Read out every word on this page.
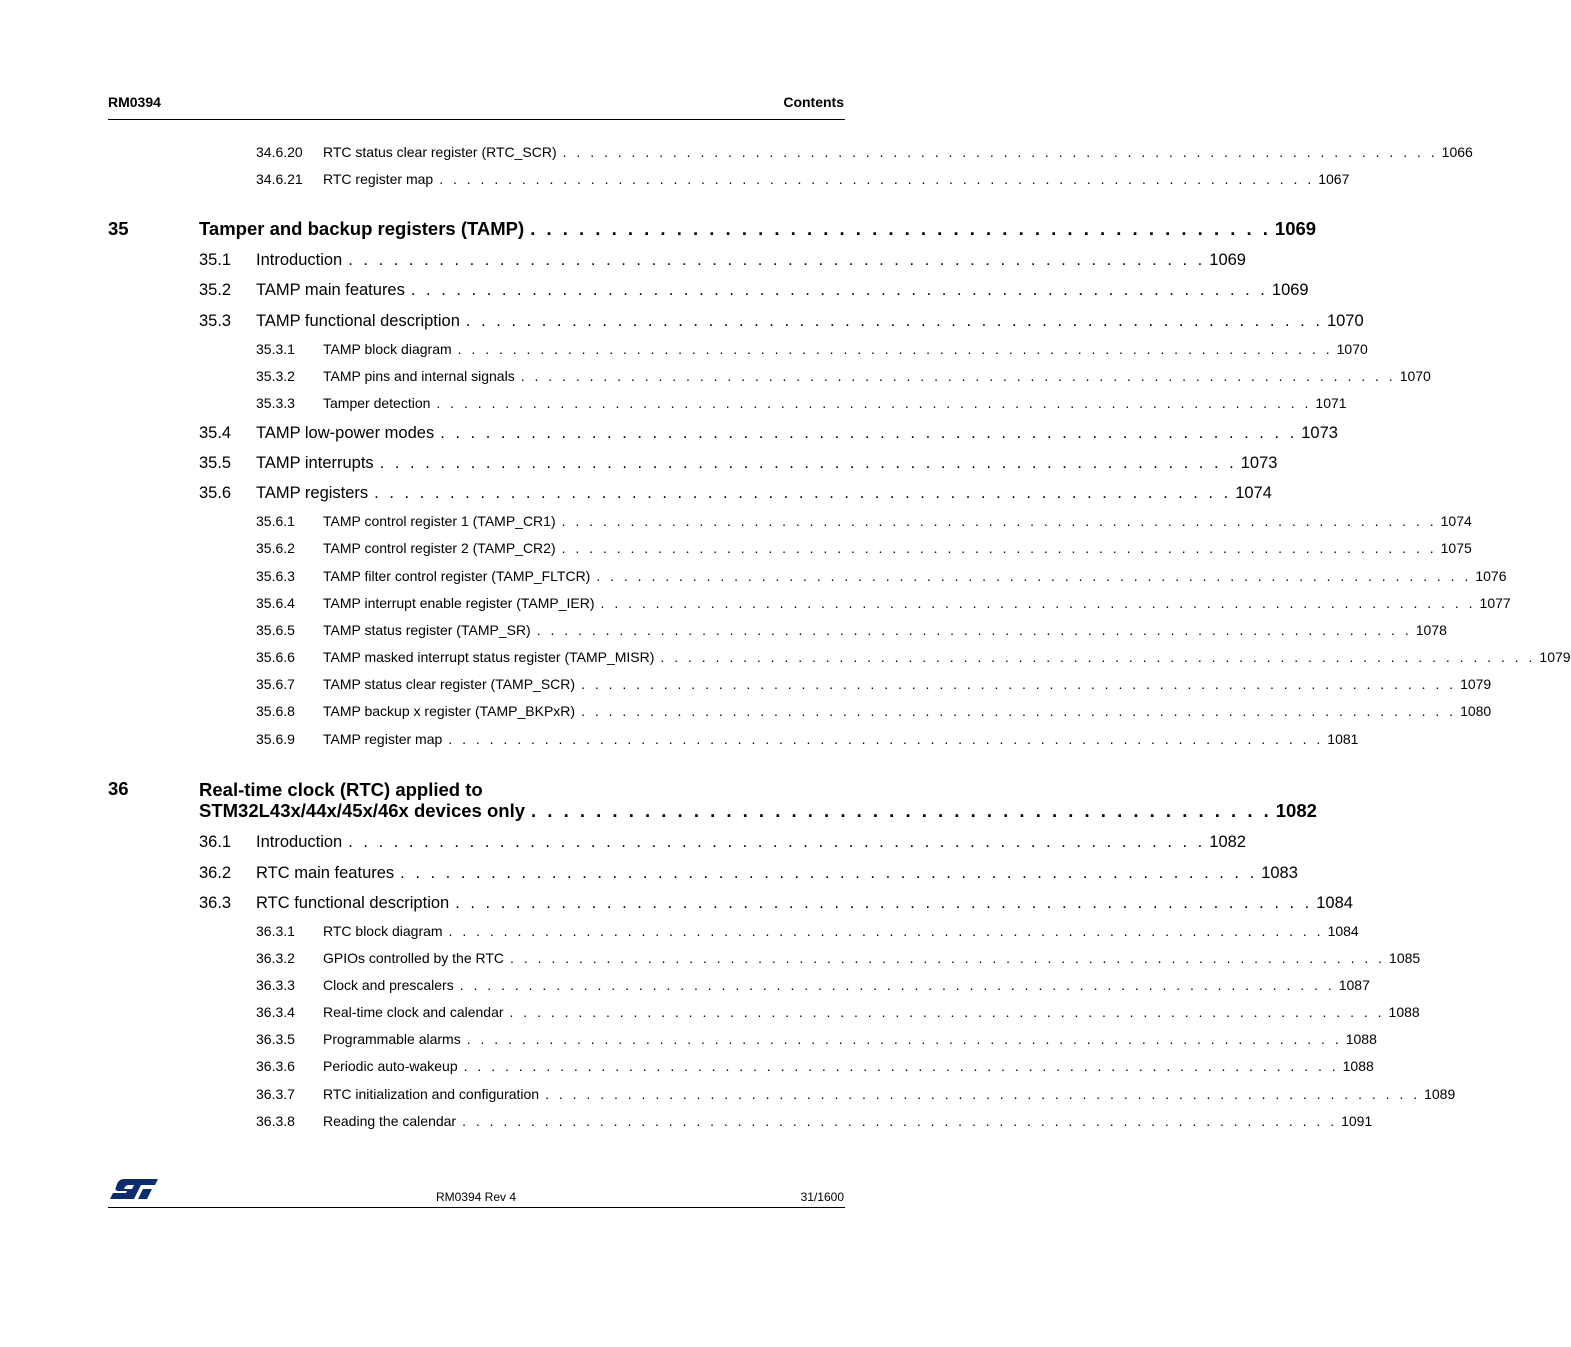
RM0394	Contents
34.6.20 RTC status clear register (RTC_SCR) . . . . . . . . . . . . . . . . . . . . . . . . . . . . . . . . . . . . . . . . . . . . . . . . . . . . . . . . . . . . . . . . 1066
34.6.21 RTC register map . . . . . . . . . . . . . . . . . . . . . . . . . . . . . . . . . . . . . . . . . . . . . . . . . . . . . . . . . . . . . . . . 1067
35	Tamper and backup registers (TAMP) . . . . . . . . . . . . . . . . . . . . . . . . . . . . . . . . . . . . . . . . . . . . . . 1069
35.1 Introduction . . . . . . . . . . . . . . . . . . . . . . . . . . . . . . . . . . . . . . . . . . . . . . . . . . . . . . . . . 1069
35.2 TAMP main features . . . . . . . . . . . . . . . . . . . . . . . . . . . . . . . . . . . . . . . . . . . . . . . . . . . . . . . . . 1069
35.3 TAMP functional description . . . . . . . . . . . . . . . . . . . . . . . . . . . . . . . . . . . . . . . . . . . . . . . . . . . . . . . . . 1070
35.3.1 TAMP block diagram . . . . . . . . . . . . . . . . . . . . . . . . . . . . . . . . . . . . . . . . . . . . . . . . . . . . . . . . . . . . . . . . 1070
35.3.2 TAMP pins and internal signals . . . . . . . . . . . . . . . . . . . . . . . . . . . . . . . . . . . . . . . . . . . . . . . . . . . . . . . . . . . . . . . . 1070
35.3.3 Tamper detection . . . . . . . . . . . . . . . . . . . . . . . . . . . . . . . . . . . . . . . . . . . . . . . . . . . . . . . . . . . . . . . . 1071
35.4 TAMP low-power modes . . . . . . . . . . . . . . . . . . . . . . . . . . . . . . . . . . . . . . . . . . . . . . . . . . . . . . . . . 1073
35.5 TAMP interrupts . . . . . . . . . . . . . . . . . . . . . . . . . . . . . . . . . . . . . . . . . . . . . . . . . . . . . . . . . 1073
35.6 TAMP registers . . . . . . . . . . . . . . . . . . . . . . . . . . . . . . . . . . . . . . . . . . . . . . . . . . . . . . . . . 1074
35.6.1 TAMP control register 1 (TAMP_CR1) . . . . . . . . . . . . . . . . . . . . . . . . . . . . . . . . . . . . . . . . . . . . . . . . . . . . . . . . . . . . . . . . 1074
35.6.2 TAMP control register 2 (TAMP_CR2) . . . . . . . . . . . . . . . . . . . . . . . . . . . . . . . . . . . . . . . . . . . . . . . . . . . . . . . . . . . . . . . . 1075
35.6.3 TAMP filter control register (TAMP_FLTCR) . . . . . . . . . . . . . . . . . . . . . . . . . . . . . . . . . . . . . . . . . . . . . . . . . . . . . . . . . . . . . . . . 1076
35.6.4 TAMP interrupt enable register (TAMP_IER) . . . . . . . . . . . . . . . . . . . . . . . . . . . . . . . . . . . . . . . . . . . . . . . . . . . . . . . . . . . . . . . . 1077
35.6.5 TAMP status register (TAMP_SR) . . . . . . . . . . . . . . . . . . . . . . . . . . . . . . . . . . . . . . . . . . . . . . . . . . . . . . . . . . . . . . . . 1078
35.6.6 TAMP masked interrupt status register (TAMP_MISR) . . . . . . . . . . . . . . . . . . . . . . . . . . . . . . . . . . . . . . . . . . . . . . . . . . . . . . . . . . . . . . . . 1079
35.6.7 TAMP status clear register (TAMP_SCR) . . . . . . . . . . . . . . . . . . . . . . . . . . . . . . . . . . . . . . . . . . . . . . . . . . . . . . . . . . . . . . . . 1079
35.6.8 TAMP backup x register (TAMP_BKPxR) . . . . . . . . . . . . . . . . . . . . . . . . . . . . . . . . . . . . . . . . . . . . . . . . . . . . . . . . . . . . . . . . 1080
35.6.9 TAMP register map . . . . . . . . . . . . . . . . . . . . . . . . . . . . . . . . . . . . . . . . . . . . . . . . . . . . . . . . . . . . . . . . 1081
36	Real-time clock (RTC) applied to
STM32L43x/44x/45x/46x devices only . . . . . . . . . . . . . . . . . . . . . . . . . . . . . . . . . . . . . . . . . . . . . . 1082
36.1 Introduction . . . . . . . . . . . . . . . . . . . . . . . . . . . . . . . . . . . . . . . . . . . . . . . . . . . . . . . . . 1082
36.2 RTC main features . . . . . . . . . . . . . . . . . . . . . . . . . . . . . . . . . . . . . . . . . . . . . . . . . . . . . . . . . 1083
36.3 RTC functional description . . . . . . . . . . . . . . . . . . . . . . . . . . . . . . . . . . . . . . . . . . . . . . . . . . . . . . . . . 1084
36.3.1 RTC block diagram . . . . . . . . . . . . . . . . . . . . . . . . . . . . . . . . . . . . . . . . . . . . . . . . . . . . . . . . . . . . . . . . 1084
36.3.2 GPIOs controlled by the RTC . . . . . . . . . . . . . . . . . . . . . . . . . . . . . . . . . . . . . . . . . . . . . . . . . . . . . . . . . . . . . . . . 1085
36.3.3 Clock and prescalers . . . . . . . . . . . . . . . . . . . . . . . . . . . . . . . . . . . . . . . . . . . . . . . . . . . . . . . . . . . . . . . . 1087
36.3.4 Real-time clock and calendar . . . . . . . . . . . . . . . . . . . . . . . . . . . . . . . . . . . . . . . . . . . . . . . . . . . . . . . . . . . . . . . . 1088
36.3.5 Programmable alarms . . . . . . . . . . . . . . . . . . . . . . . . . . . . . . . . . . . . . . . . . . . . . . . . . . . . . . . . . . . . . . . . 1088
36.3.6 Periodic auto-wakeup . . . . . . . . . . . . . . . . . . . . . . . . . . . . . . . . . . . . . . . . . . . . . . . . . . . . . . . . . . . . . . . . 1088
36.3.7 RTC initialization and configuration . . . . . . . . . . . . . . . . . . . . . . . . . . . . . . . . . . . . . . . . . . . . . . . . . . . . . . . . . . . . . . . . 1089
36.3.8 Reading the calendar . . . . . . . . . . . . . . . . . . . . . . . . . . . . . . . . . . . . . . . . . . . . . . . . . . . . . . . . . . . . . . . . 1091
RM0394 Rev 4	31/1600
